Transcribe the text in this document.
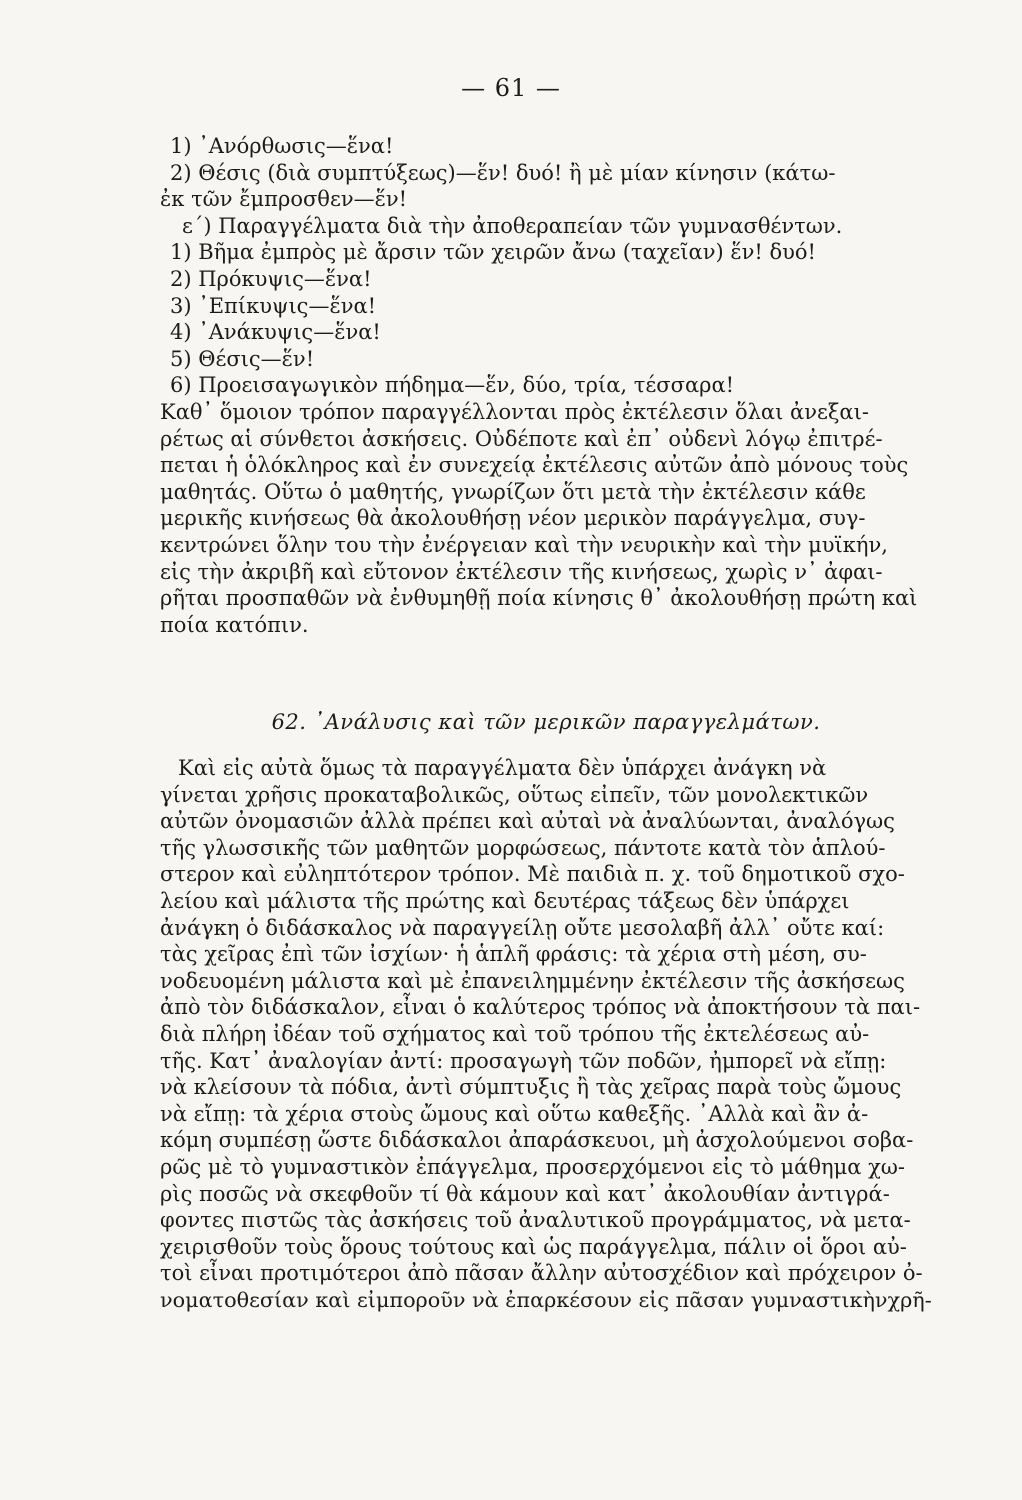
— 61 —
1) ᾿Ανόρθωσις—ἕνα!
2) Θέσις (διὰ συμπτύξεως)—ἕν! δυό! ἢ μὲ μίαν κίνησιν (κάτω-
ἐκ τῶν ἔμπροσθεν—ἕν!
ε΄) Παραγγέλματα διὰ τὴν ἀποθεραπείαν τῶν γυμνασθέντων.
1) Βῆμα ἐμπρὸς μὲ ἄρσιν τῶν χειρῶν ἄνω (ταχεῖαν) ἕν! δυό!
2) Πρόκυψις—ἕνα!
3) ᾿Επίκυψις—ἕνα!
4) ᾿Ανάκυψις—ἕνα!
5) Θέσις—ἕν!
6) Προεισαγωγικὸν πήδημα—ἕν, δύο, τρία, τέσσαρα!
Καθ᾿ ὅμοιον τρόπον παραγγέλλονται πρὸς ἐκτέλεσιν ὅλαι ἀνεξαι-
ρέτως αἱ σύνθετοι ἀσκήσεις. Οὐδέποτε καὶ ἐπ᾿ οὐδενὶ λόγῳ ἐπιτρέ-
πεται ἡ ὁλόκληρος καὶ ἐν συνεχείᾳ ἐκτέλεσις αὐτῶν ἀπὸ μόνους τοὺς
μαθητάς. Οὕτω ὁ μαθητής, γνωρίζων ὅτι μετὰ τὴν ἐκτέλεσιν κάθε
μερικῆς κινήσεως θὰ ἀκολουθήσῃ νέον μερικὸν παράγγελμα, συγ-
κεντρώνει ὅλην του τὴν ἐνέργειαν καὶ τὴν νευρικὴν καὶ τὴν μυϊκήν,
εἰς τὴν ἀκριβῆ καὶ εὔτονον ἐκτέλεσιν τῆς κινήσεως, χωρὶς ν᾿ ἀφαι-
ρῆται προσπαθῶν νὰ ἐνθυμηθῇ ποία κίνησις θ᾿ ἀκολουθήσῃ πρώτη καὶ
ποία κατόπιν.
62. ᾿Ανάλυσις καὶ τῶν μερικῶν παραγγελμάτων.
Καὶ εἰς αὐτὰ ὅμως τὰ παραγγέλματα δὲν ὑπάρχει ἀνάγκη νὰ
γίνεται χρῆσις προκαταβολικῶς, οὕτως εἰπεῖν, τῶν μονολεκτικῶν
αὐτῶν ὀνομασιῶν ἀλλὰ πρέπει καὶ αὐταὶ νὰ ἀναλύωνται, ἀναλόγως
τῆς γλωσσικῆς τῶν μαθητῶν μορφώσεως, πάντοτε κατὰ τὸν ἁπλού-
στερον καὶ εὐληπτότερον τρόπον. Μὲ παιδιὰ π. χ. τοῦ δημοτικοῦ σχο-
λείου καὶ μάλιστα τῆς πρώτης καὶ δευτέρας τάξεως δὲν ὑπάρχει
ἀνάγκη ὁ διδάσκαλος νὰ παραγγείλῃ οὔτε μεσολαβῆ ἀλλ᾿ οὔτε καί:
τὰς χεῖρας ἐπὶ τῶν ἰσχίων· ἡ ἁπλῆ φράσις: τὰ χέρια στὴ μέση, συ-
νοδευομένη μάλιστα καὶ μὲ ἐπανειλημμένην ἐκτέλεσιν τῆς ἀσκήσεως
ἀπὸ τὸν διδάσκαλον, εἶναι ὁ καλύτερος τρόπος νὰ ἀποκτήσουν τὰ παι-
διὰ πλήρη ἰδέαν τοῦ σχήματος καὶ τοῦ τρόπου τῆς ἐκτελέσεως αὐ-
τῆς. Κατ᾿ ἀναλογίαν ἀντί: προσαγωγὴ τῶν ποδῶν, ἠμπορεῖ νὰ εἴπῃ:
νὰ κλείσουν τὰ πόδια, ἀντὶ σύμπτυξις ἢ τὰς χεῖρας παρὰ τοὺς ὤμους
νὰ εἴπῃ: τὰ χέρια στοὺς ὤμους καὶ οὕτω καθεξῆς. ᾿Αλλὰ καὶ ἂν ἀ-
κόμη συμπέσῃ ὥστε διδάσκαλοι ἀπαράσκευοι, μὴ ἀσχολούμενοι σοβα-
ρῶς μὲ τὸ γυμναστικὸν ἐπάγγελμα, προσερχόμενοι εἰς τὸ μάθημα χω-
ρὶς ποσῶς νὰ σκεφθοῦν τί θὰ κάμουν καὶ κατ᾿ ἀκολουθίαν ἀντιγρά-
φοντες πιστῶς τὰς ἀσκήσεις τοῦ ἀναλυτικοῦ προγράμματος, νὰ μετα-
χειρισθοῦν τοὺς ὅρους τούτους καὶ ὡς παράγγελμα, πάλιν οἱ ὅροι αὐ-
τοὶ εἶναι προτιμότεροι ἀπὸ πᾶσαν ἄλλην αὐτοσχέδιον καὶ πρόχειρον ὀ-
νοματοθεσίαν καὶ εἰμποροῦν νὰ ἐπαρκέσουν εἰς πᾶσαν γυμναστικὴνχρῆ-
